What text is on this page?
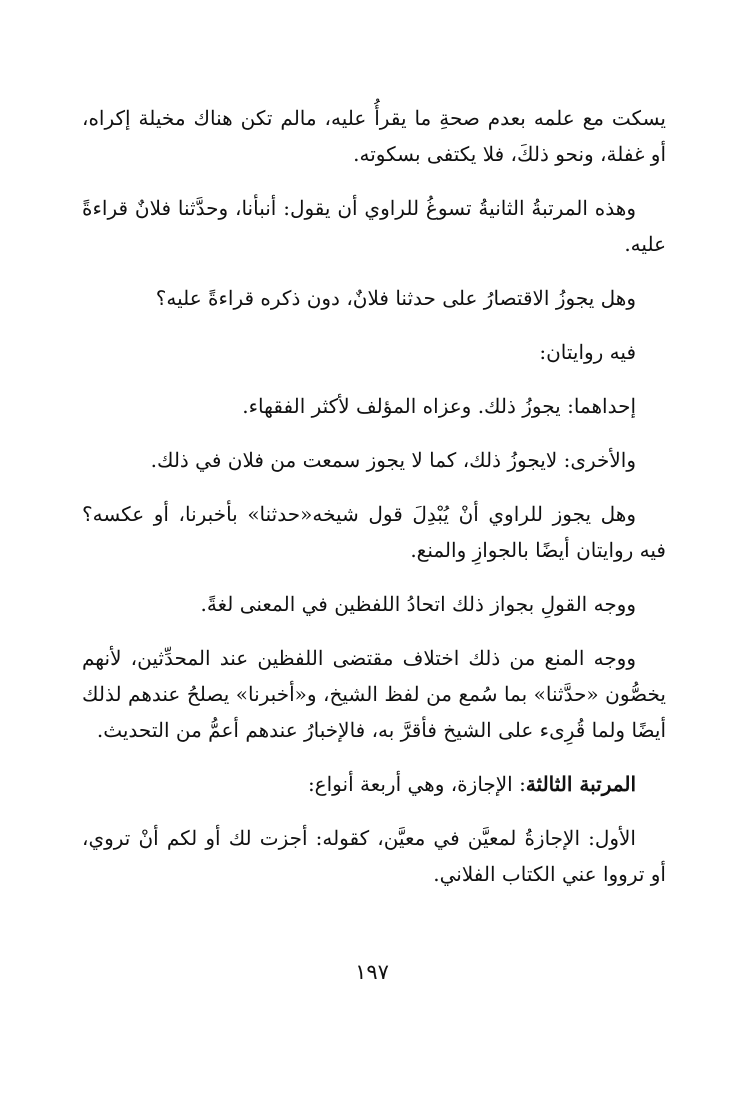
يسكت مع علمه بعدم صحةِ ما يقرأُ عليه، مالم تكن هناك مخيلة إكراه، أو غفلة، ونحو ذلكَ، فلا يكتفى بسكوته.

وهذه المرتبةُ الثانيةُ تسوغُ للراوي أن يقول: أنبأنا، وحدَّثنا فلانٌ قراءةً عليه.

وهل يجوزُ الاقتصارُ على حدثنا فلانٌ، دون ذكره قراءةً عليه؟

فيه روايتان:

إحداهما: يجوزُ ذلك. وعزاه المؤلف لأكثر الفقهاء.

والأخرى: لايجوزُ ذلك، كما لا يجوز سمعت من فلان في ذلك.

وهل يجوز للراوي أنْ يُبْدِلَ قول شيخه«حدثنا» بأخبرنا، أو عكسه؟ فيه روايتان أيضًا بالجوازِ والمنع.

ووجه القولِ بجواز ذلك اتحادُ اللفظين في المعنى لغةً.

ووجه المنع من ذلك اختلاف مقتضى اللفظين عند المحدِّثين، لأنهم يخصُّون «حدَّثنا» بما سُمع من لفظ الشيخ، و«أخبرنا» يصلحُ عندهم لذلك أيضًا ولما قُرِىء على الشيخ فأقرَّ به، فالإخبارُ عندهم أعمُّ من التحديث.

المرتبة الثالثة: الإجازة، وهي أربعة أنواع:

الأول: الإجازةُ لمعيَّن في معيَّن، كقوله: أجزت لك أو لكم أنْ تروي، أو ترووا عني الكتاب الفلاني.

١٩٧
